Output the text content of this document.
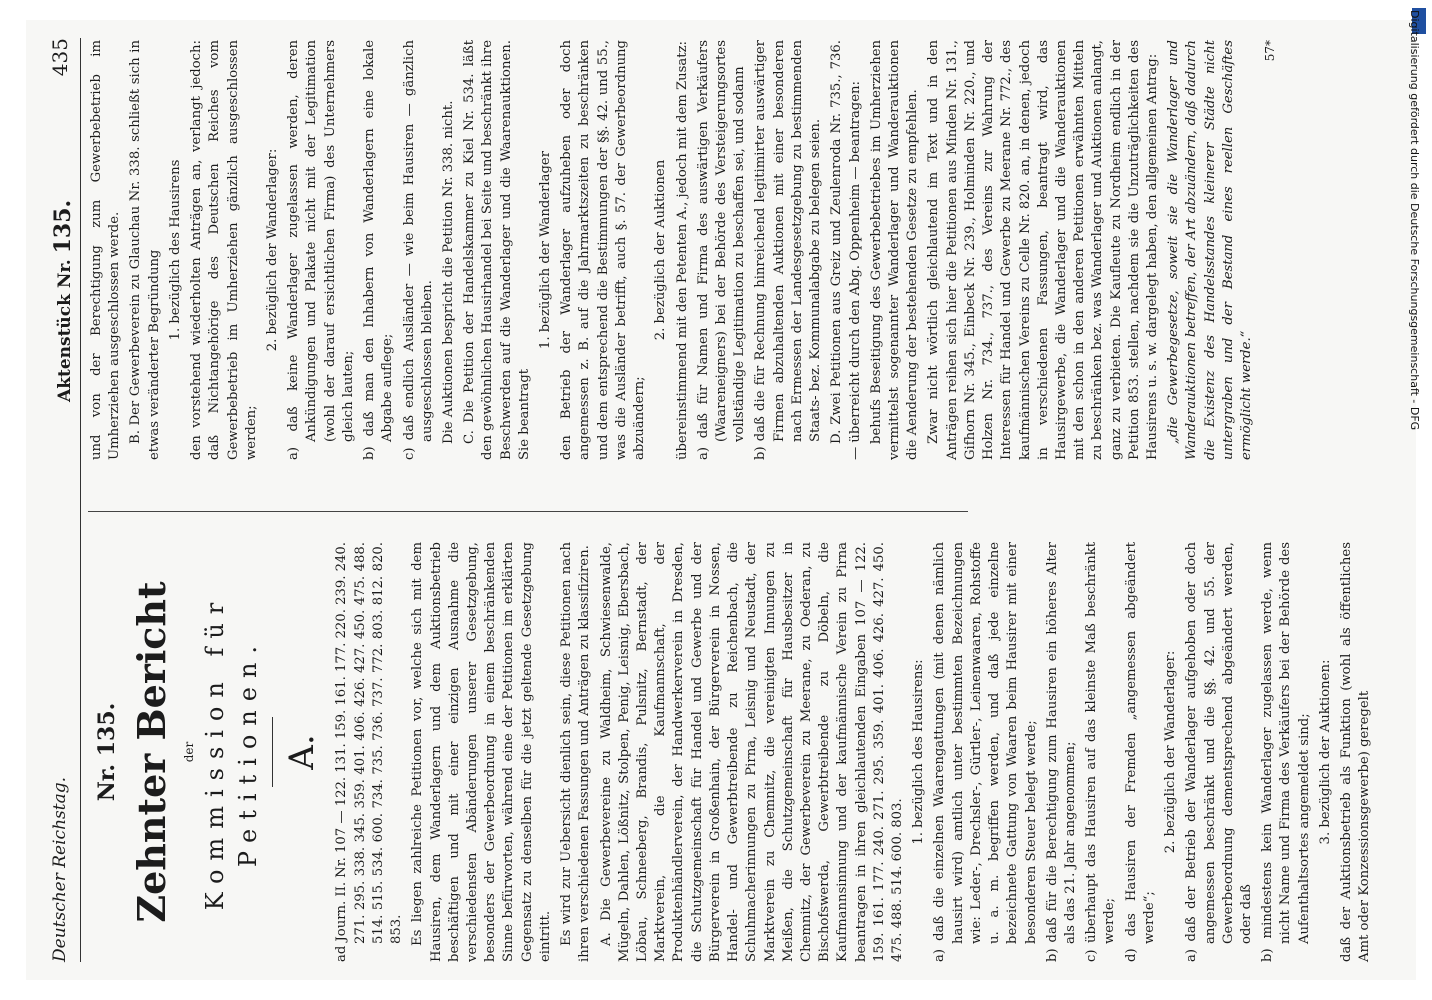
Deutscher Reichstag.
Aktenstück Nr. 135.
435
Nr. 135. Zehnter Bericht der Kommission für Petitionen. A. ad Journ. II. Nr. 107 — 122. 131. 159. 161. 177. 220. 239. 240. 271. 295. 338. 345. 359. 401. 406. 426. 427. 450. 475. 488. 514. 515. 534. 600. 734. 735. 736. 737. 772. 803. 812. 820. 853. Es liegen zahlreiche Petitionen vor, welche sich mit dem Hausiren, dem Wanderlagern und dem Auktionsbetrieb beschäftigen und mit einer einzigen Ausnahme die verschiedensten Abänderungen unserer Gesetzgebung, besonders der Gewerbeordnung in einem beschränkenden Sinne befürworten, während eine der Petitionen im erklärten Gegensatz zu denselben für die jetzt geltende Gesetzgebung eintritt. Es wird zur Uebersicht dienlich sein, diese Petitionen nach ihren verschiedenen Fassungen und Anträgen zu klassifiziren. A. Die Gewerbevereine zu Waldheim, Schwiesenwalde, Mügeln, Dahlen, Lößnitz, Stolpen, Penig, Leisnig, Ebersbach, Löbau, Schneeberg, Brandis, Pulsnitz, Bernstadt, der Marktverein, die Kaufmannschaft, der Produktenhändlerverein, der Handwerkerverein in Dresden, die Schutzgemeinschaft für Handel und Gewerbe und der Bürgerverein in Großenhain, der Bürgerverein in Nossen, Handel- und Gewerbtreibende zu Reichenbach, die Schuhmacherinnungen zu Pirna, Leisnig und Neustadt, der Marktverein zu Chemnitz, die vereinigten Innungen zu Meißen, die Schutzgemeinschaft für Hausbesitzer in Chemnitz, der Gewerbeverein zu Meerane, zu Oederan, zu Bischofswerda, Gewerbtreibende zu Döbeln, die Kaufmannsinnung und der kaufmännische Verein zu Pirna beantragen in ihren gleichlautenden Eingaben 107 — 122. 159. 161. 177. 240. 271. 295. 359. 401. 406. 426. 427. 450. 475. 488. 514. 600. 803.

1. bezüglich des Hausirens: a) daß die einzelnen Waarengattungen (mit denen nämlich hausirt wird) amtlich unter bestimmten Bezeichnungen wie: Leder-, Drechsler-, Gürtler-, Leinenwaaren, Rohstoffe u. a. m. begriffen werden, und daß jede einzelne bezeichnete Gattung von Waaren beim Hausirer mit einer besonderen Steuer belegt werde; b) daß für die Berechtigung zum Hausiren ein höheres Alter als das 21. Jahr angenommen; c) überhaupt das Hausiren auf das kleinste Maß beschränkt werde; d) das Hausiren der Fremden „angemessen abgeändert werde“;

2. bezüglich der Wanderlager: a) daß der Betrieb der Wanderlager aufgehoben oder doch angemessen beschränkt und die §§. 42. und 55. der Gewerbeordnung dementsprechend abgeändert werden, oder daß b) mindestens kein Wanderlager zugelassen werde, wenn nicht Name und Firma des Verkäufers bei der Behörde des Aufenthaltsortes angemeldet sind; 3. bezüglich der Auktionen: daß der Auktionsbetrieb als Funktion (wohl als öffentliches Amt oder Konzessionsgewerbe) geregelt

und von der Berechtigung zum Gewerbebetrieb im Umherziehen ausgeschlossen werde. B. Der Gewerbeverein zu Glauchau Nr. 338. schließt sich in etwas veränderter Begründung 1. bezüglich des Hausirens den vorstehend wiederholten Anträgen an, verlangt jedoch: daß Nichtangehörige des Deutschen Reiches vom Gewerbebetrieb im Umherziehen gänzlich ausgeschlossen werden;

2. bezüglich der Wanderlager: a) daß keine Wanderlager zugelassen werden, deren Ankündigungen und Plakate nicht mit der Legitimation (wohl der darauf ersichtlichen Firma) des Unternehmers gleich lauten; b) daß man den Inhabern von Wanderlagern eine lokale Abgabe auflege; c) daß endlich Ausländer — wie beim Hausiren — gänzlich ausgeschlossen bleiben. Die Auktionen bespricht die Petition Nr. 338. nicht. C. Die Petition der Handelskammer zu Kiel Nr. 534. läßt den gewöhnlichen Hausirhandel bei Seite und beschränkt ihre Beschwerden auf die Wanderlager und die Waarenauktionen. Sie beantragt

1. bezüglich der Wanderlager den Betrieb der Wanderlager aufzuheben oder doch angemessen z. B. auf die Jahrmarktszeiten zu beschränken und dem entsprechend die Bestimmungen der §§. 42. und 55., was die Ausländer betrifft, auch §. 57. der Gewerbeordnung abzuändern;

2. bezüglich der Auktionen übereinstimmend mit den Petenten A., jedoch mit dem Zusatz: a) daß für Namen und Firma des auswärtigen Verkäufers (Waareneigners) bei der Behörde des Versteigerungsortes vollständige Legitimation zu beschaffen sei, und sodann b) daß die für Rechnung hinreichend legitimirter auswärtiger Firmen abzuhaltenden Auktionen mit einer besonderen nach Ermessen der Landesgesetzgebung zu bestimmenden Staats- bez. Kommunalabgabe zu belegen seien. D. Zwei Petitionen aus Greiz und Zeulenroda Nr. 735., 736. — überreicht durch den Abg. Oppenheim — beantragen: behufs Beseitigung des Gewerbebetriebes im Umherziehen vermittelst sogenannter Wanderlager und Wanderauktionen die Aenderung der bestehenden Gesetze zu empfehlen. Zwar nicht wörtlich gleichlautend im Text und in den Anträgen reihen sich hier die Petitionen aus Minden Nr. 131., Gifhorn Nr. 345., Einbeck Nr. 239., Holminden Nr. 220., und Holzen Nr. 734., 737., des Vereins zur Wahrung der Interessen für Handel und Gewerbe zu Meerane Nr. 772., des kaufmännischen Vereins zu Celle Nr. 820. an, in denen, jedoch in verschiedenen Fassungen, beantragt wird, das Hausirgewerbe, die Wanderlager und die Wanderauktionen mit den schon in den anderen Petitionen erwähnten Mitteln zu beschränken bez. was Wanderlager und Auktionen anlangt, ganz zu verbieten. Die Kaufleute zu Nordheim endlich in der Petition 853. stellen, nachdem sie die Unzuträglichkeiten des Hausirens u. s. w. dargelegt haben, den allgemeinen Antrag: „die Gewerbegesetze, soweit sie die Wanderlager und Wanderauktionen betreffen, der Art abzuändern, daß dadurch die Existenz des Handelsstandes kleinerer Städte nicht untergraben und der Bestand eines reellen Geschäftes ermöglicht werde.“

57*	Digitalisierung gefördert durch die Deutsche Forschungsgemeinschaft - DFG
